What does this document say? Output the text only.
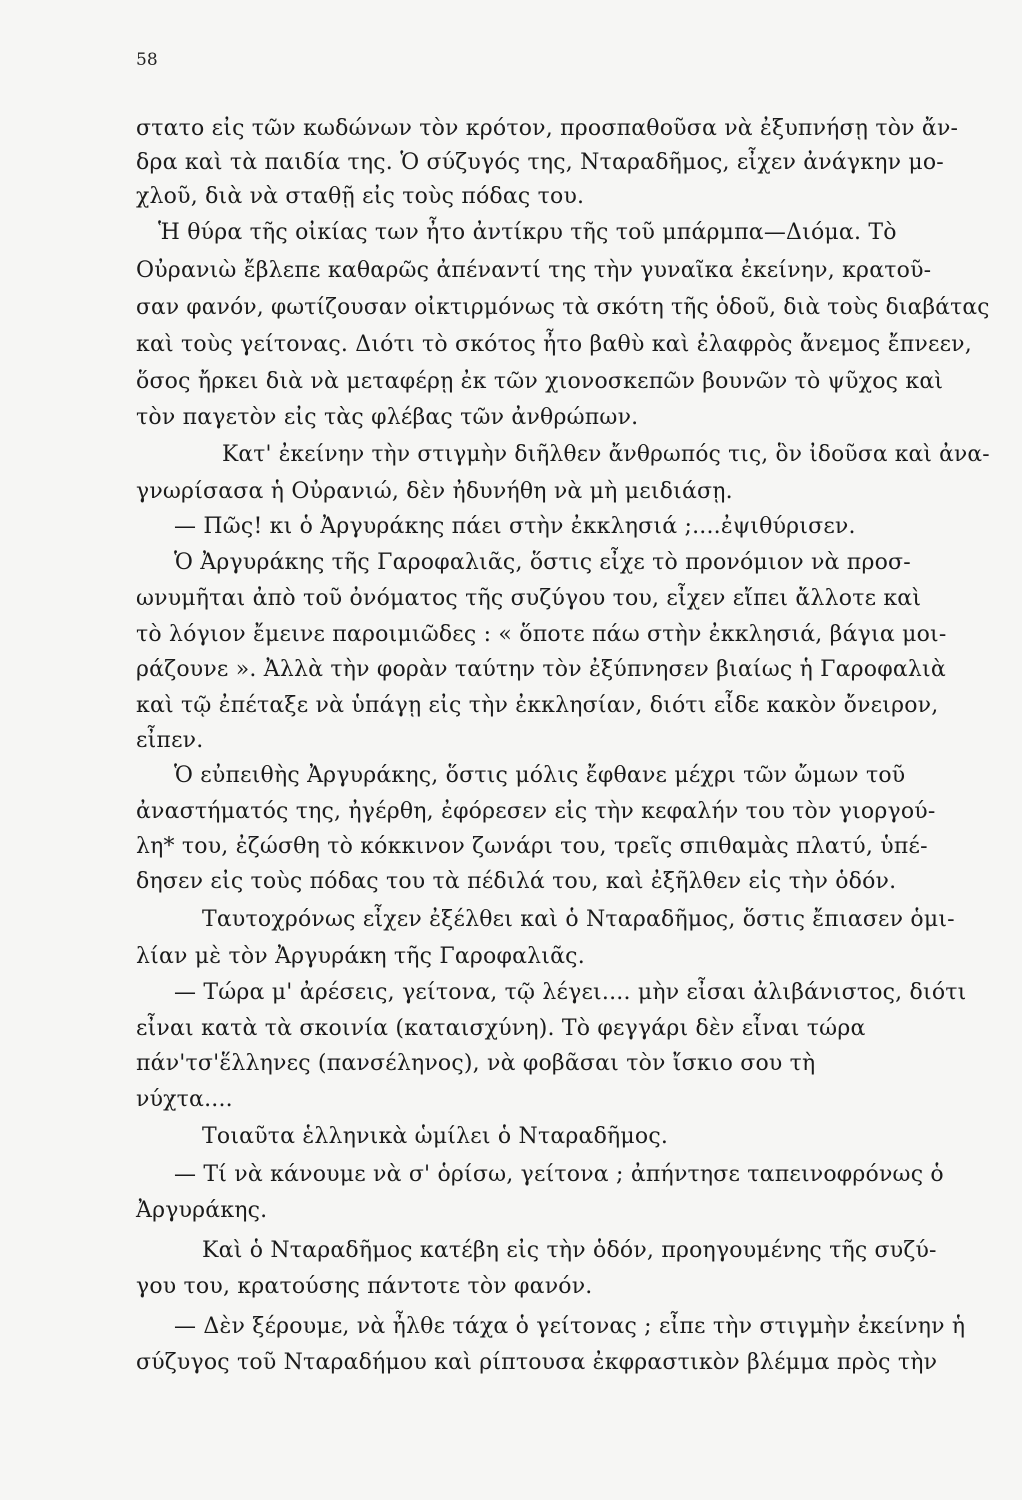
58
στατο εἰς τῶν κωδώνων τὸν κρότον, προσπαθοῦσα νὰ ἐξυπνήσῃ τὸν ἄν-
δρα καὶ τὰ παιδία της. Ὁ σύζυγός της, Νταραδῆμος, εἶχεν ἀνάγκην μο-
χλοῦ, διὰ νὰ σταθῇ εἰς τοὺς πόδας του.
Ἡ θύρα τῆς οἰκίας των ἦτο ἀντίκρυ τῆς τοῦ μπάρμπα—Διόμα. Τὸ
Οὐρανιὼ ἔβλεπε καθαρῶς ἀπέναντί της τὴν γυναῖκα ἐκείνην, κρατοῦ-
σαν φανόν, φωτίζουσαν οἰκτιρμόνως τὰ σκότη τῆς ὁδοῦ, διὰ τοὺς διαβάτας
καὶ τοὺς γείτονας. Διότι τὸ σκότος ἦτο βαθὺ καὶ ἐλαφρὸς ἄνεμος ἔπνεεν,
ὅσος ἤρκει διὰ νὰ μεταφέρῃ ἐκ τῶν χιονοσκεπῶν βουνῶν τὸ ψῦχος καὶ
τὸν παγετὸν εἰς τὰς φλέβας τῶν ἀνθρώπων.
Κατ' ἐκείνην τὴν στιγμὴν διῆλθεν ἄνθρωπός τις, ὃν ἰδοῦσα καὶ ἀνα-
γνωρίσασα ἡ Οὐρανιώ, δὲν ἠδυνήθη νὰ μὴ μειδιάσῃ.
— Πῶς! κι ὁ Ἀργυράκης πάει στὴν ἐκκλησιά ;....ἐψιθύρισεν.
Ὁ Ἀργυράκης τῆς Γαροφαλιᾶς, ὅστις εἶχε τὸ προνόμιον νὰ προσ-
ωνυμῆται ἀπὸ τοῦ ὀνόματος τῆς συζύγου του, εἶχεν εἴπει ἄλλοτε καὶ
τὸ λόγιον ἔμεινε παροιμιῶδες : « ὅποτε πάω στὴν ἐκκλησιά, βάγια μοι-
ράζουνε ». Ἀλλὰ τὴν φορὰν ταύτην τὸν ἐξύπνησεν βιαίως ἡ Γαροφαλιὰ
καὶ τῷ ἐπέταξε νὰ ὑπάγῃ εἰς τὴν ἐκκλησίαν, διότι εἶδε κακὸν ὄνειρον,
εἶπεν.
Ὁ εὐπειθὴς Ἀργυράκης, ὅστις μόλις ἔφθανε μέχρι τῶν ὤμων τοῦ
ἀναστήματός της, ἠγέρθη, ἐφόρεσεν εἰς τὴν κεφαλήν του τὸν γιοργού-
λη* του, ἐζώσθη τὸ κόκκινον ζωνάρι του, τρεῖς σπιθαμὰς πλατύ, ὑπέ-
δησεν εἰς τοὺς πόδας του τὰ πέδιλά του, καὶ ἐξῆλθεν εἰς τὴν ὁδόν.
Ταυτοχρόνως εἶχεν ἐξέλθει καὶ ὁ Νταραδῆμος, ὅστις ἔπιασεν ὁμι-
λίαν μὲ τὸν Ἀργυράκη τῆς Γαροφαλιᾶς.
— Τώρα μ' ἀρέσεις, γείτονα, τῷ λέγει.... μὴν εἶσαι ἀλιβάνιστος, διότι
εἶναι κατὰ τὰ σκοινία (καταισχύνη). Τὸ φεγγάρι δὲν εἶναι τώρα
πάν'τσ'ἕλληνες (πανσέληνος), νὰ φοβᾶσαι τὸν ἴσκιο σου τὴ
νύχτα....
Τοιαῦτα ἑλληνικὰ ὡμίλει ὁ Νταραδῆμος.
— Τί νὰ κάνουμε νὰ σ' ὁρίσω, γείτονα ; ἀπήντησε ταπεινοφρόνως ὁ
Ἀργυράκης.
Καὶ ὁ Νταραδῆμος κατέβη εἰς τὴν ὁδόν, προηγουμένης τῆς συζύ-
γου του, κρατούσης πάντοτε τὸν φανόν.
— Δὲν ξέρουμε, νὰ ἦλθε τάχα ὁ γείτονας ; εἶπε τὴν στιγμὴν ἐκείνην ἡ
σύζυγος τοῦ Νταραδήμου καὶ ρίπτουσα ἐκφραστικὸν βλέμμα πρὸς τὴν
